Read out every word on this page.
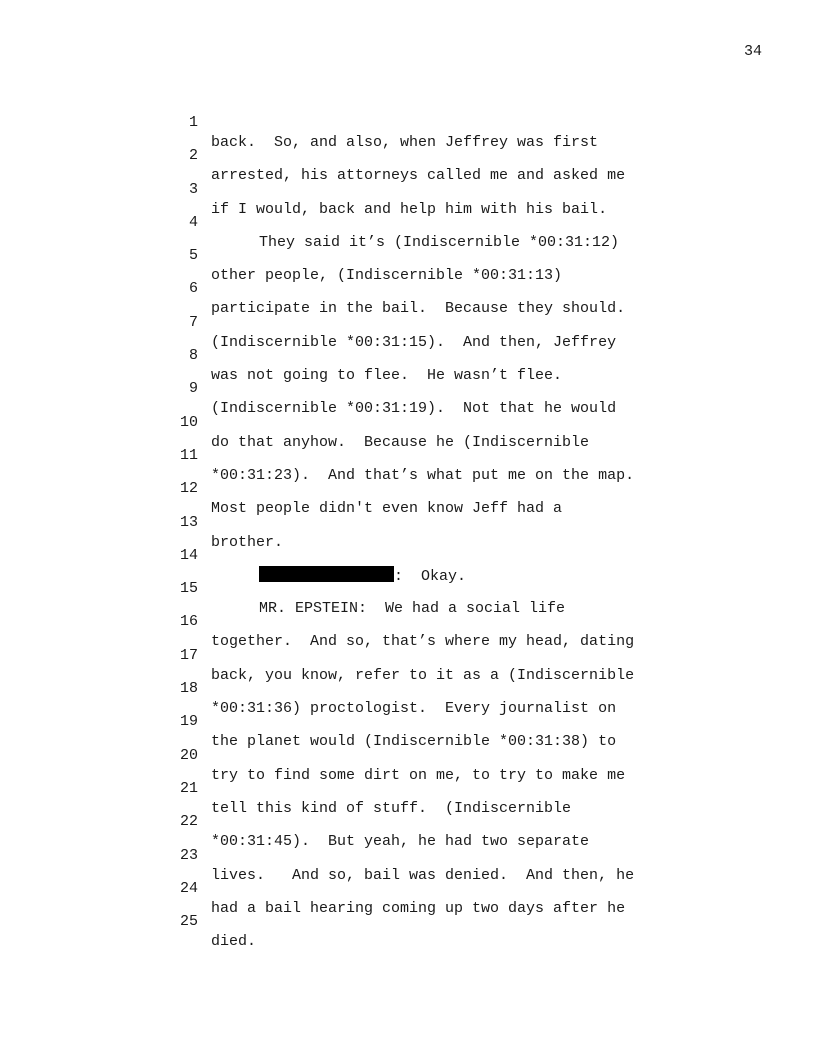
34

1

back.  So, and also, when Jeffrey was first

2

arrested, his attorneys called me and asked me

3

if I would, back and help him with his bail.

4

They said it’s (Indiscernible *00:31:12)

5

other people, (Indiscernible *00:31:13)

6

participate in the bail.  Because they should.

7

(Indiscernible *00:31:15).  And then, Jeffrey

8

was not going to flee.  He wasn’t flee.

9

(Indiscernible *00:31:19).  Not that he would

10

do that anyhow.  Because he (Indiscernible

11

*00:31:23).  And that’s what put me on the map.

12

Most people didn't even know Jeff had a

13

brother.

14

:  Okay.

15

MR. EPSTEIN:  We had a social life

16

together.  And so, that’s where my head, dating

17

back, you know, refer to it as a (Indiscernible

18

*00:31:36) proctologist.  Every journalist on

19

the planet would (Indiscernible *00:31:38) to

20

try to find some dirt on me, to try to make me

21

tell this kind of stuff.  (Indiscernible

22

*00:31:45).  But yeah, he had two separate

23

lives.   And so, bail was denied.  And then, he

24

had a bail hearing coming up two days after he

25

died.
